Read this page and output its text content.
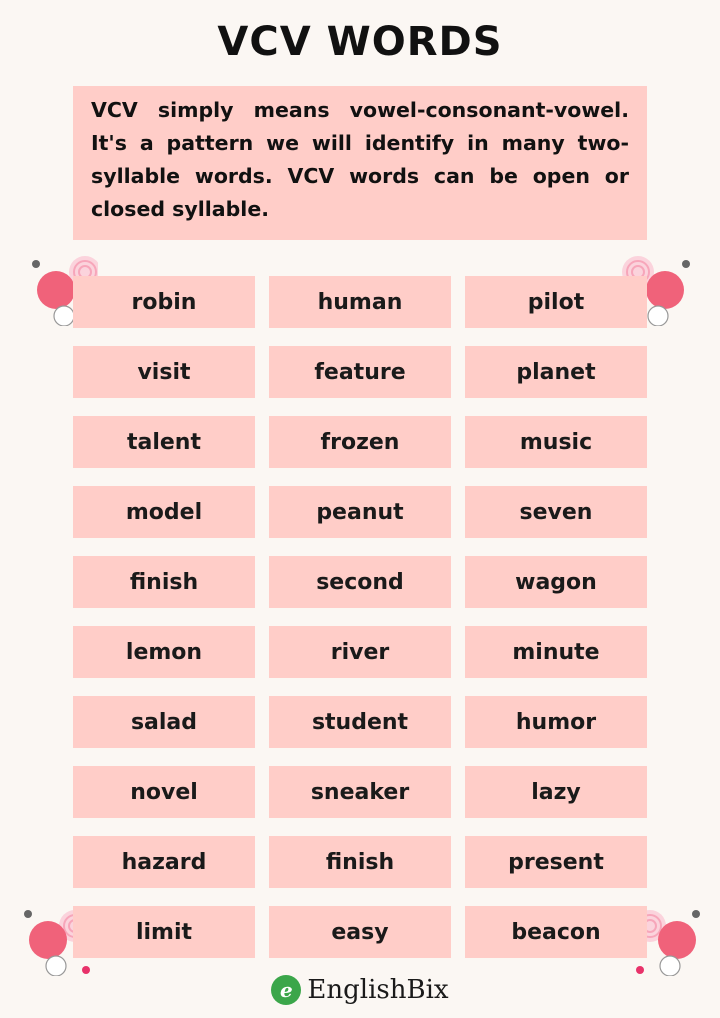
VCV WORDS
VCV simply means vowel-consonant-vowel. It's a pattern we will identify in many two-syllable words. VCV words can be open or closed syllable.
robin	human	pilot
visit	feature	planet
talent	frozen	music
model	peanut	seven
finish	second	wagon
lemon	river	minute
salad	student	humor
novel	sneaker	lazy
hazard	finish	present
limit	easy	beacon
e EnglishBix
